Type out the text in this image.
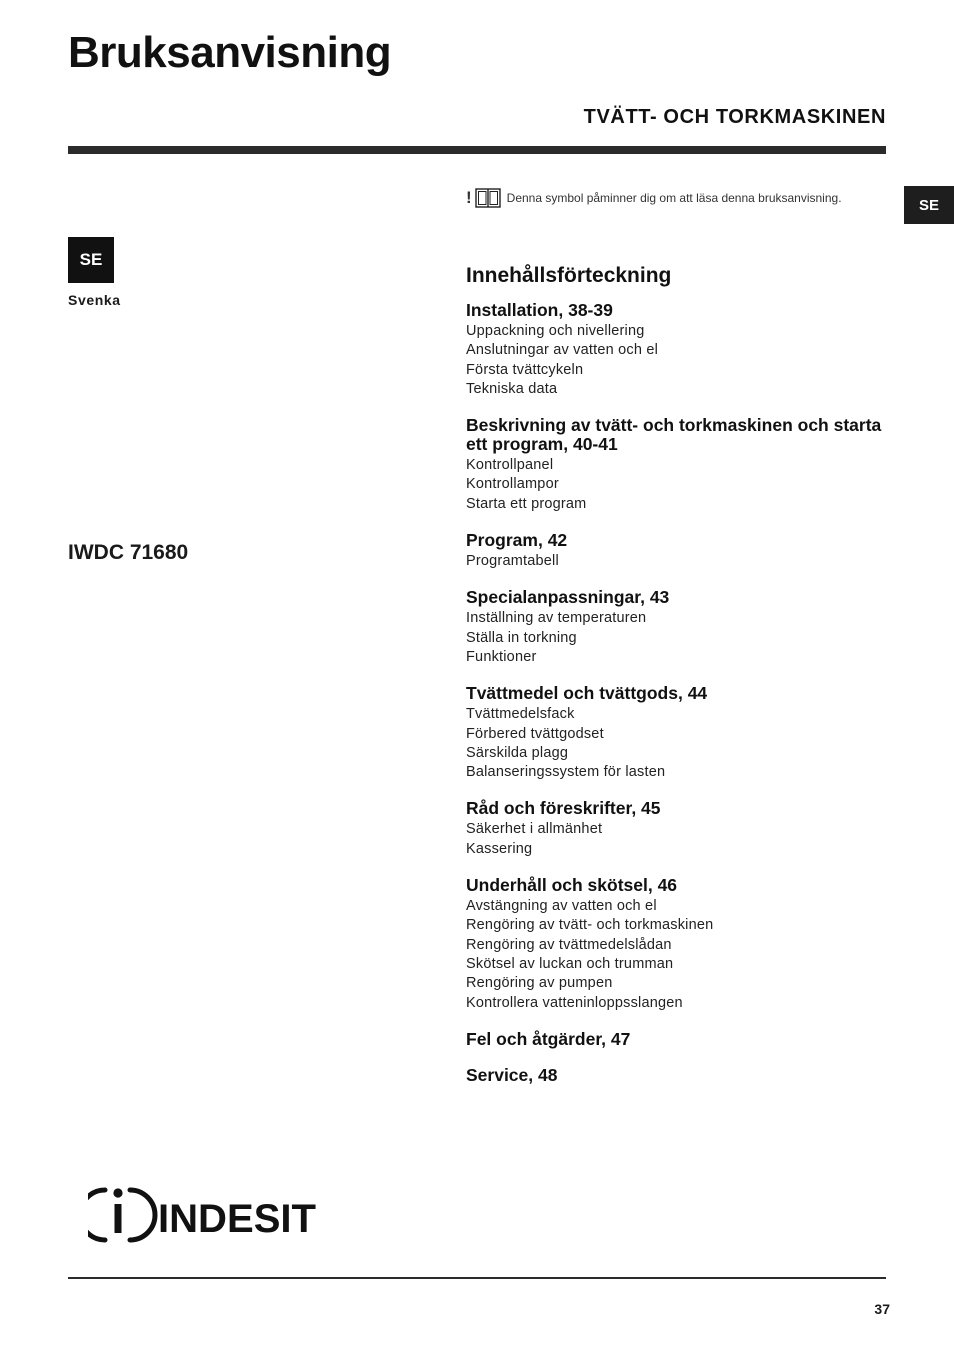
Bruksanvisning
TVÄTT- OCH TORKMASKINEN
SE
SE
Svenka
IWDC 71680
!	Denna symbol påminner dig om att läsa denna bruksanvisning.
Innehållsförteckning
Installation, 38-39
Uppackning och nivellering
Anslutningar av vatten och el
Första tvättcykeln
Tekniska data
Beskrivning av tvätt- och torkmaskinen och starta ett program, 40-41
Kontrollpanel
Kontrollampor
Starta ett program
Program, 42
Programtabell
Specialanpassningar, 43
Inställning av temperaturen
Ställa in torkning
Funktioner
Tvättmedel och tvättgods, 44
Tvättmedelsfack
Förbered tvättgodset
Särskilda plagg
Balanseringssystem för lasten
Råd och föreskrifter, 45
Säkerhet i allmänhet
Kassering
Underhåll och skötsel, 46
Avstängning av vatten och el
Rengöring av tvätt- och torkmaskinen
Rengöring av tvättmedelslådan
Skötsel av luckan och trumman
Rengöring av pumpen
Kontrollera vatteninloppsslangen
Fel och åtgärder, 47
Service, 48
INDESIT
37
